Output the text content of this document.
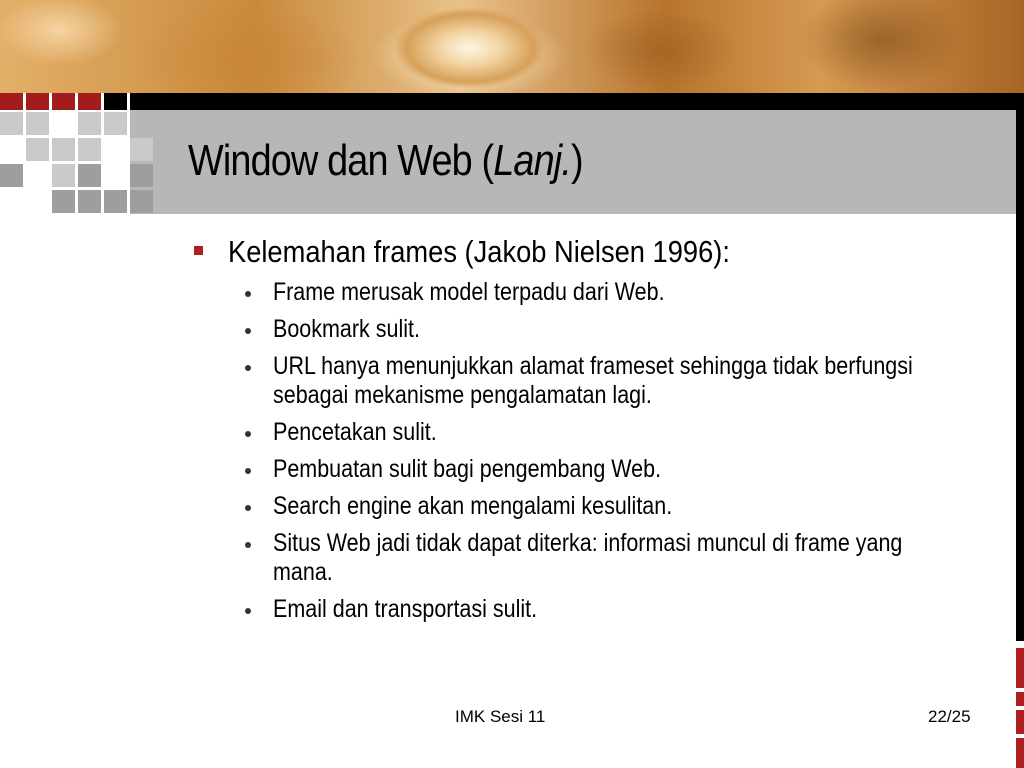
Window dan Web (Lanj.)

Kelemahan frames (Jakob Nielsen 1996):

Frame merusak model terpadu dari Web.
Bookmark sulit.
URL hanya menunjukkan alamat frameset sehingga tidak berfungsi sebagai mekanisme pengalamatan lagi.
Pencetakan sulit.
Pembuatan sulit bagi pengembang Web.
Search engine akan mengalami kesulitan.
Situs Web jadi tidak dapat diterka: informasi muncul di frame yang mana.
Email dan transportasi sulit.
IMK Sesi 11	22/25
